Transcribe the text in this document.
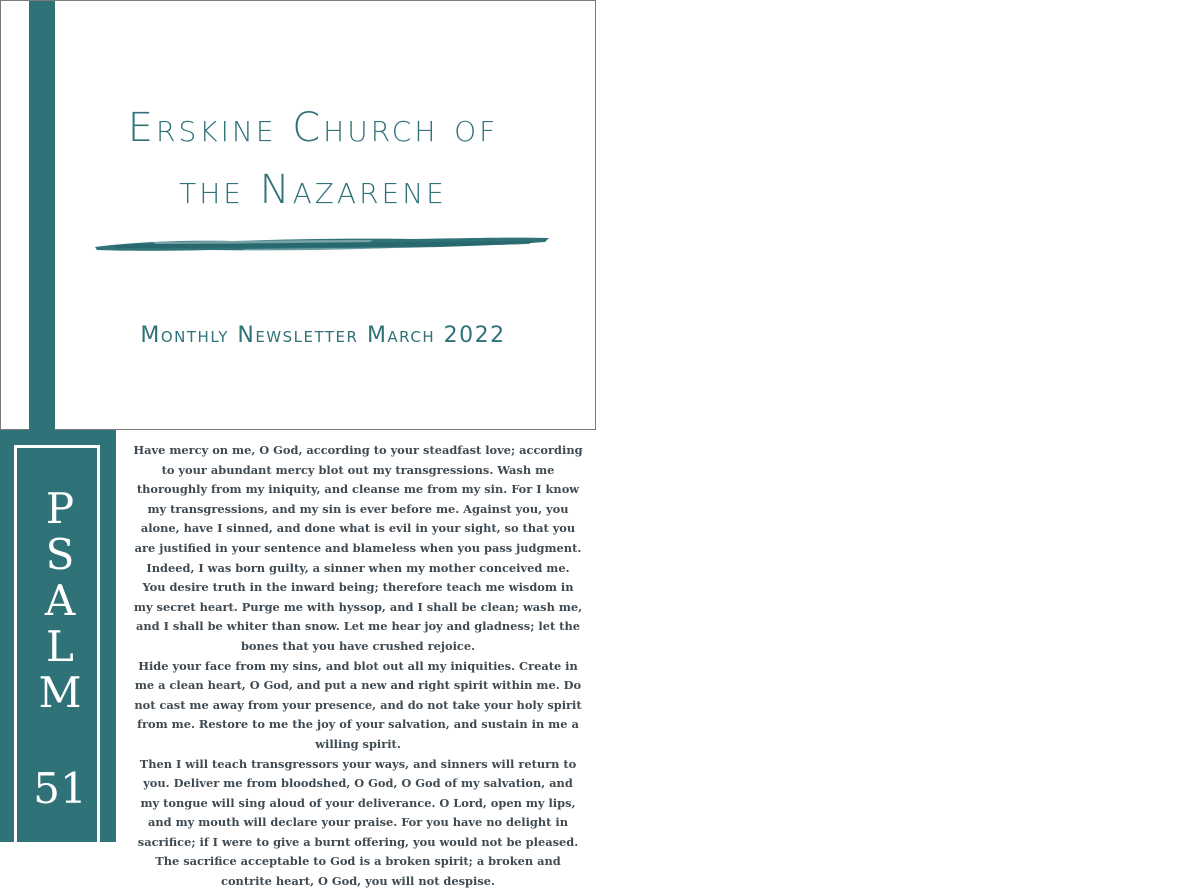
Erskine Church of
the Nazarene
Monthly Newsletter March 2022
P
S
A
L
M
51

Have mercy on me, O God, according to your steadfast love; according to your abundant mercy blot out my transgressions. Wash me thoroughly from my iniquity, and cleanse me from my sin. For I know my transgressions, and my sin is ever before me. Against you, you alone, have I sinned, and done what is evil in your sight, so that you are justified in your sentence and blameless when you pass judgment. Indeed, I was born guilty, a sinner when my mother conceived me. You desire truth in the inward being; therefore teach me wisdom in my secret heart. Purge me with hyssop, and I shall be clean; wash me, and I shall be whiter than snow. Let me hear joy and gladness; let the bones that you have crushed rejoice.

Hide your face from my sins, and blot out all my iniquities. Create in me a clean heart, O God, and put a new and right spirit within me. Do not cast me away from your presence, and do not take your holy spirit from me. Restore to me the joy of your salvation, and sustain in me a willing spirit.

Then I will teach transgressors your ways, and sinners will return to you. Deliver me from bloodshed, O God, O God of my salvation, and my tongue will sing aloud of your deliverance. O Lord, open my lips, and my mouth will declare your praise. For you have no delight in sacrifice; if I were to give a burnt offering, you would not be pleased. The sacrifice acceptable to God is a broken spirit; a broken and contrite heart, O God, you will not despise.
